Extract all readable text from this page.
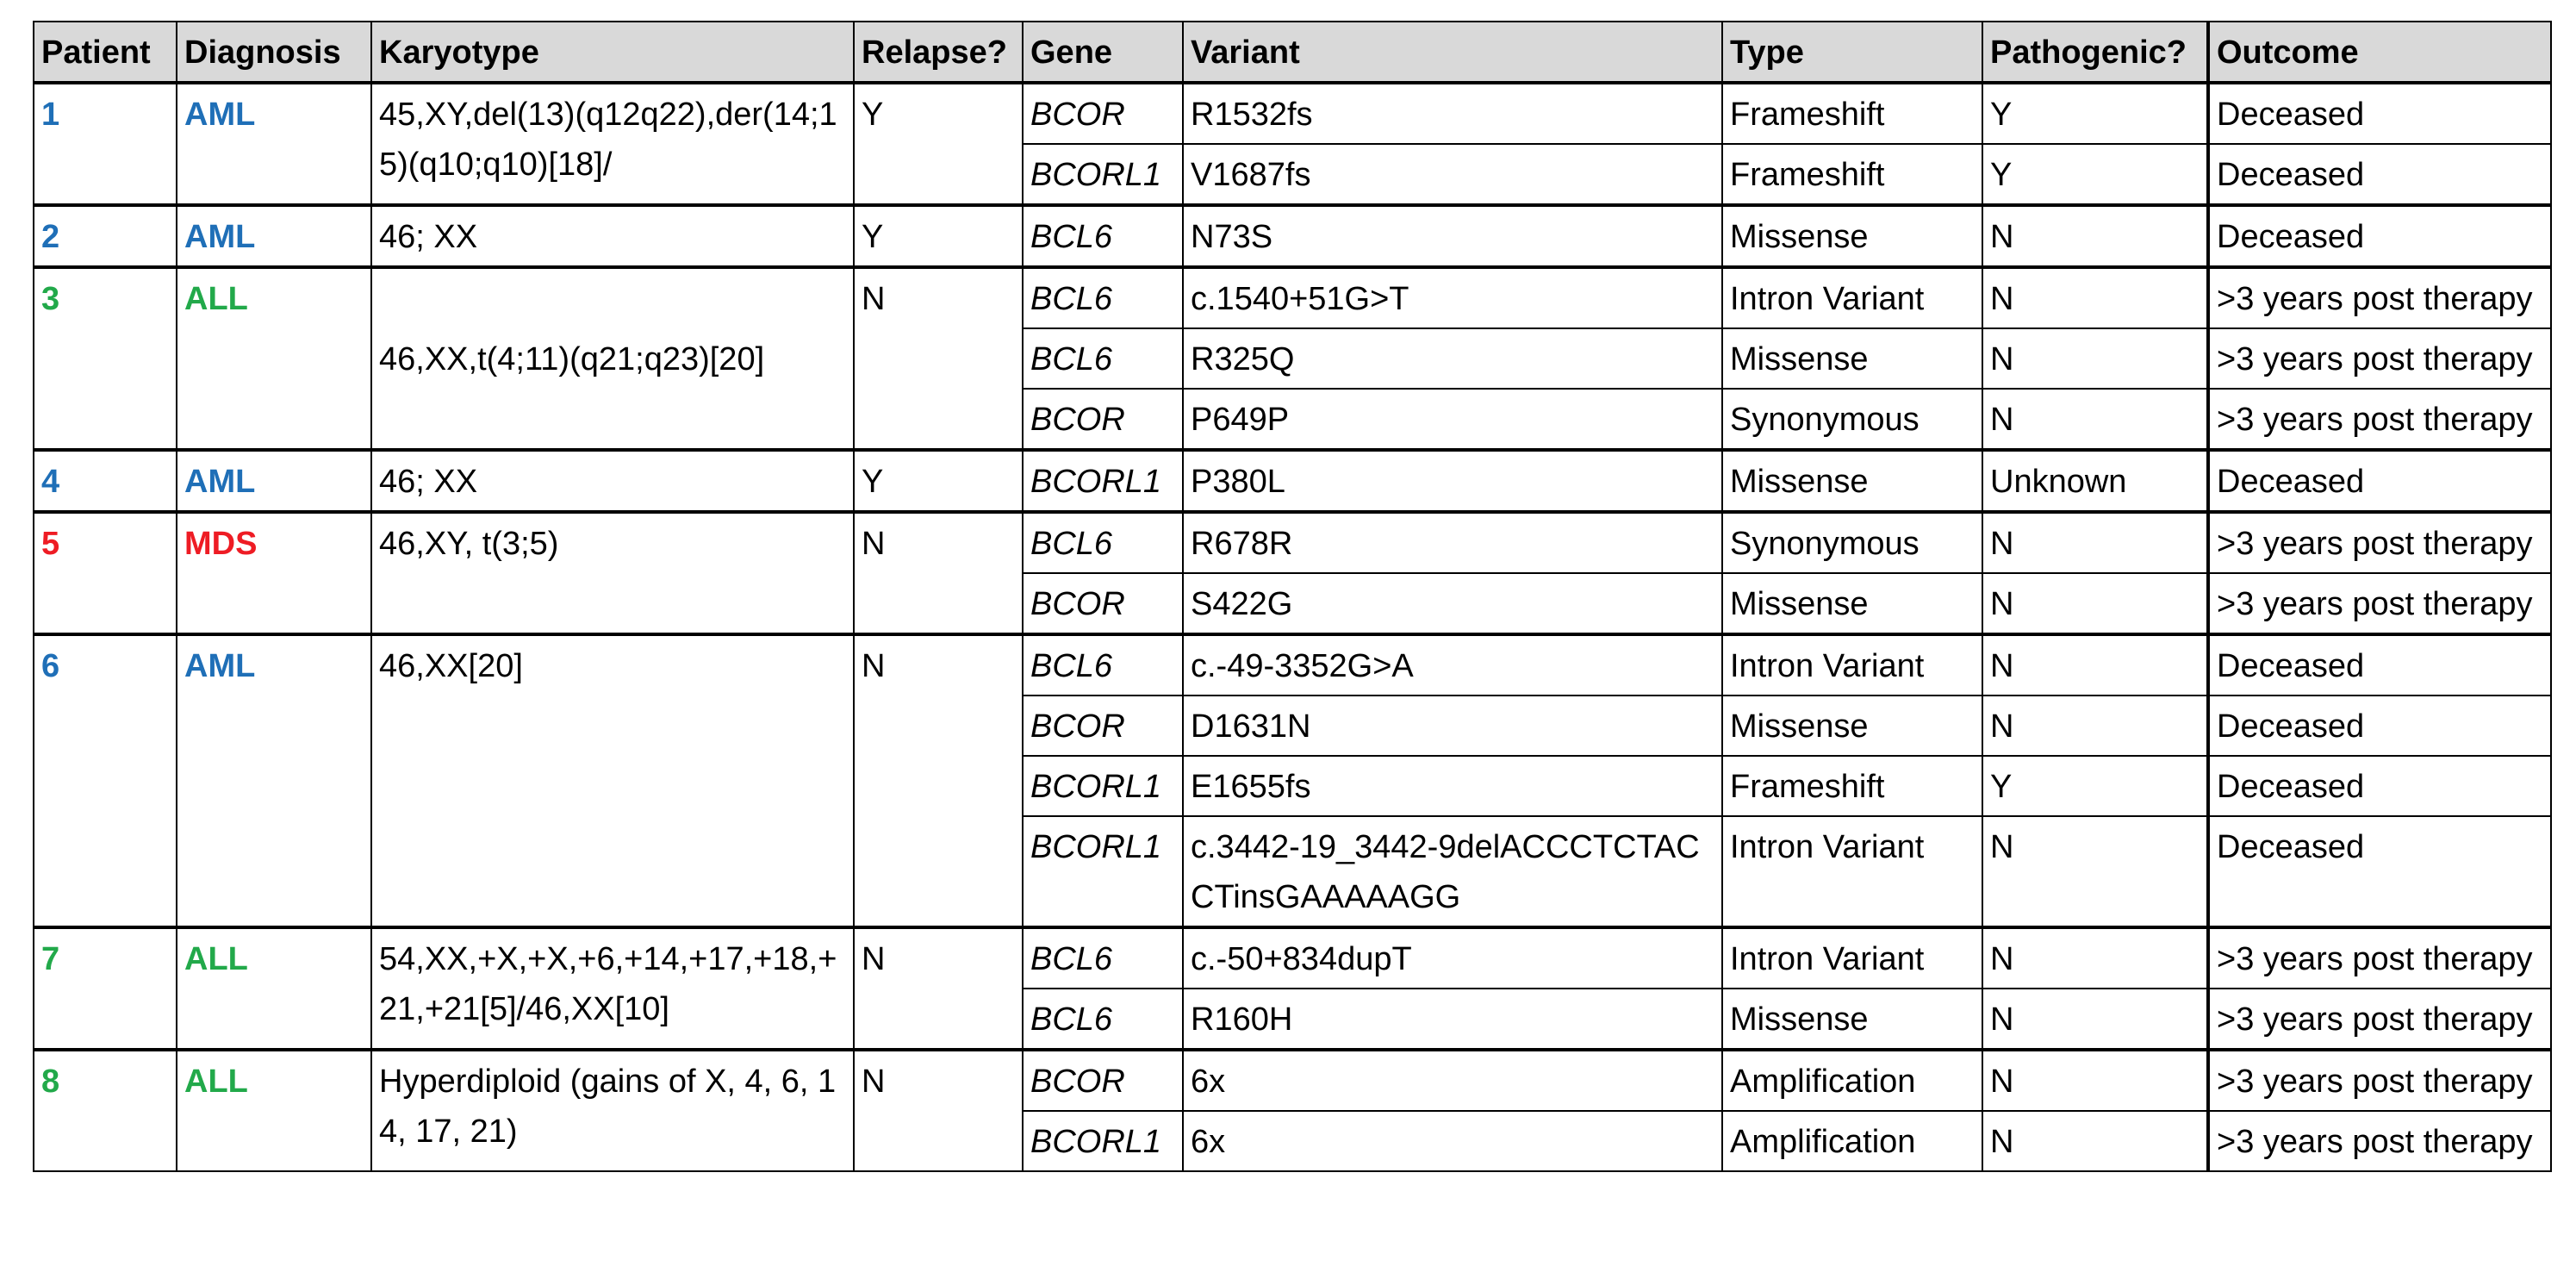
Patient	Diagnosis	Karyotype	Relapse?	Gene	Variant	Type	Pathogenic?	Outcome
1	AML	45,XY,del(13)(q12q22),der(14;15)(q10;q10)[18]/	Y	BCOR	R1532fs	Frameshift	Y	Deceased
				BCORL1	V1687fs	Frameshift	Y	Deceased
2	AML	46; XX	Y	BCL6	N73S	Missense	N	Deceased
3	ALL	46,XX,t(4;11)(q21;q23)[20]	N	BCL6	c.1540+51G>T	Intron Variant	N	>3 years post therapy
				BCL6	R325Q	Missense	N	>3 years post therapy
				BCOR	P649P	Synonymous	N	>3 years post therapy
4	AML	46; XX	Y	BCORL1	P380L	Missense	Unknown	Deceased
5	MDS	46,XY, t(3;5)	N	BCL6	R678R	Synonymous	N	>3 years post therapy
				BCOR	S422G	Missense	N	>3 years post therapy
6	AML	46,XX[20]	N	BCL6	c.-49-3352G>A	Intron Variant	N	Deceased
				BCOR	D1631N	Missense	N	Deceased
				BCORL1	E1655fs	Frameshift	Y	Deceased
				BCORL1	c.3442-19_3442-9delACCCTCTACCTinsGAAAAAGG	Intron Variant	N	Deceased
7	ALL	54,XX,+X,+X,+6,+14,+17,+18,+21,+21[5]/46,XX[10]	N	BCL6	c.-50+834dupT	Intron Variant	N	>3 years post therapy
				BCL6	R160H	Missense	N	>3 years post therapy
8	ALL	Hyperdiploid (gains of X, 4, 6, 14, 17, 21)	N	BCOR	6x	Amplification	N	>3 years post therapy
				BCORL1	6x	Amplification	N	>3 years post therapy
